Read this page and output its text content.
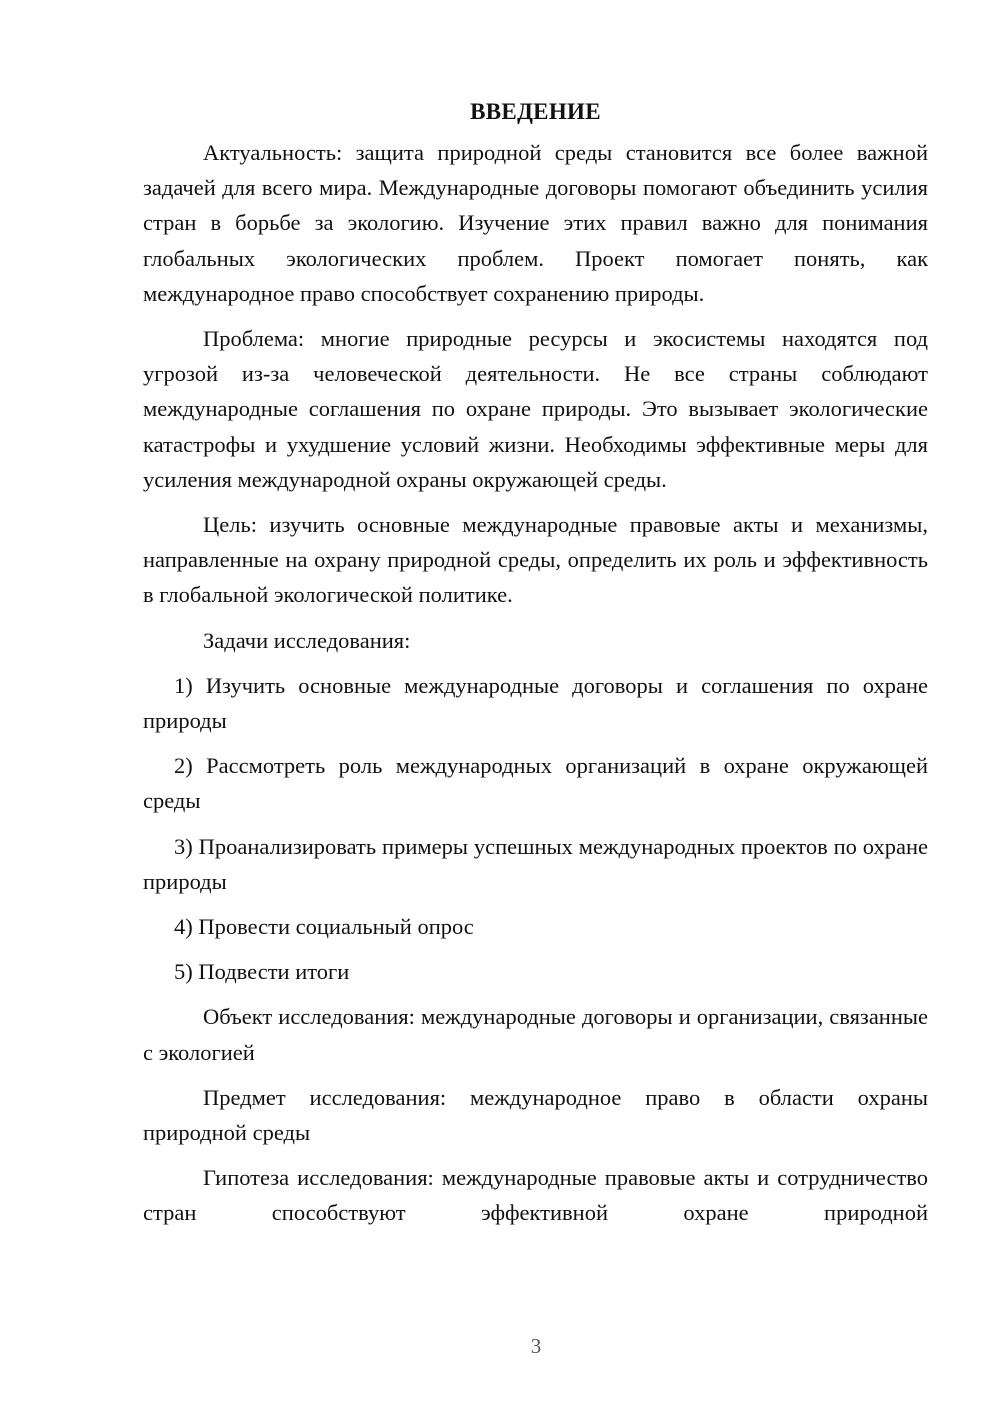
ВВЕДЕНИЕ

Актуальность: защита природной среды становится все более важной задачей для всего мира. Международные договоры помогают объединить усилия стран в борьбе за экологию. Изучение этих правил важно для понимания глобальных экологических проблем. Проект помогает понять, как международное право способствует сохранению природы.

Проблема: многие природные ресурсы и экосистемы находятся под угрозой из-за человеческой деятельности. Не все страны соблюдают международные соглашения по охране природы. Это вызывает экологические катастрофы и ухудшение условий жизни. Необходимы эффективные меры для усиления международной охраны окружающей среды.

Цель: изучить основные международные правовые акты и механизмы, направленные на охрану природной среды, определить их роль и эффективность в глобальной экологической политике.

Задачи исследования:

1) Изучить основные международные договоры и соглашения по охране природы

2) Рассмотреть роль международных организаций в охране окружающей среды

3) Проанализировать примеры успешных международных проектов по охране природы

4) Провести социальный опрос

5) Подвести итоги

Объект исследования: международные договоры и организации, связанные с экологией

Предмет исследования: международное право в области охраны природной среды

Гипотеза исследования: международные правовые акты и сотрудничество стран способствуют эффективной охране природной

3
